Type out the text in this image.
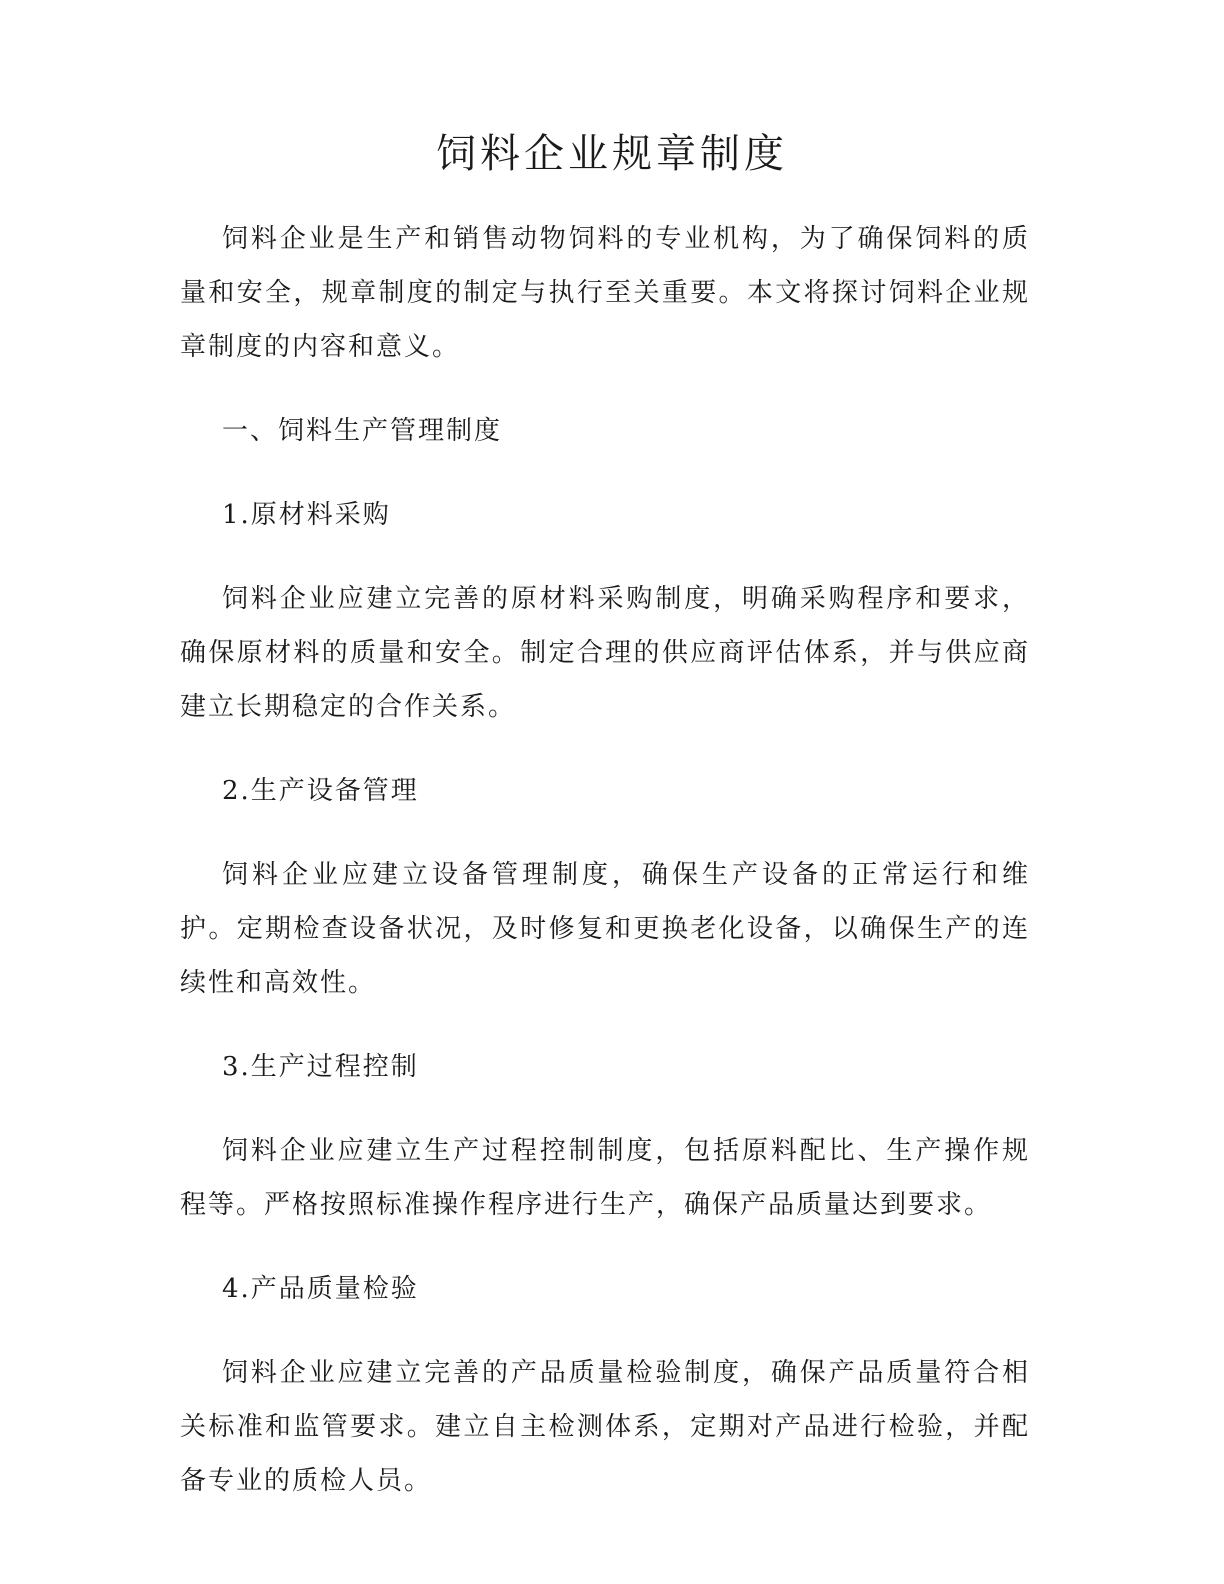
饲料企业规章制度

饲料企业是生产和销售动物饲料的专业机构，为了确保饲料的质量和安全，规章制度的制定与执行至关重要。本文将探讨饲料企业规章制度的内容和意义。

一、饲料生产管理制度

1.原材料采购

饲料企业应建立完善的原材料采购制度，明确采购程序和要求，确保原材料的质量和安全。制定合理的供应商评估体系，并与供应商建立长期稳定的合作关系。

2.生产设备管理

饲料企业应建立设备管理制度，确保生产设备的正常运行和维护。定期检查设备状况，及时修复和更换老化设备，以确保生产的连续性和高效性。

3.生产过程控制

饲料企业应建立生产过程控制制度，包括原料配比、生产操作规程等。严格按照标准操作程序进行生产，确保产品质量达到要求。

4.产品质量检验

饲料企业应建立完善的产品质量检验制度，确保产品质量符合相关标准和监管要求。建立自主检测体系，定期对产品进行检验，并配备专业的质检人员。
